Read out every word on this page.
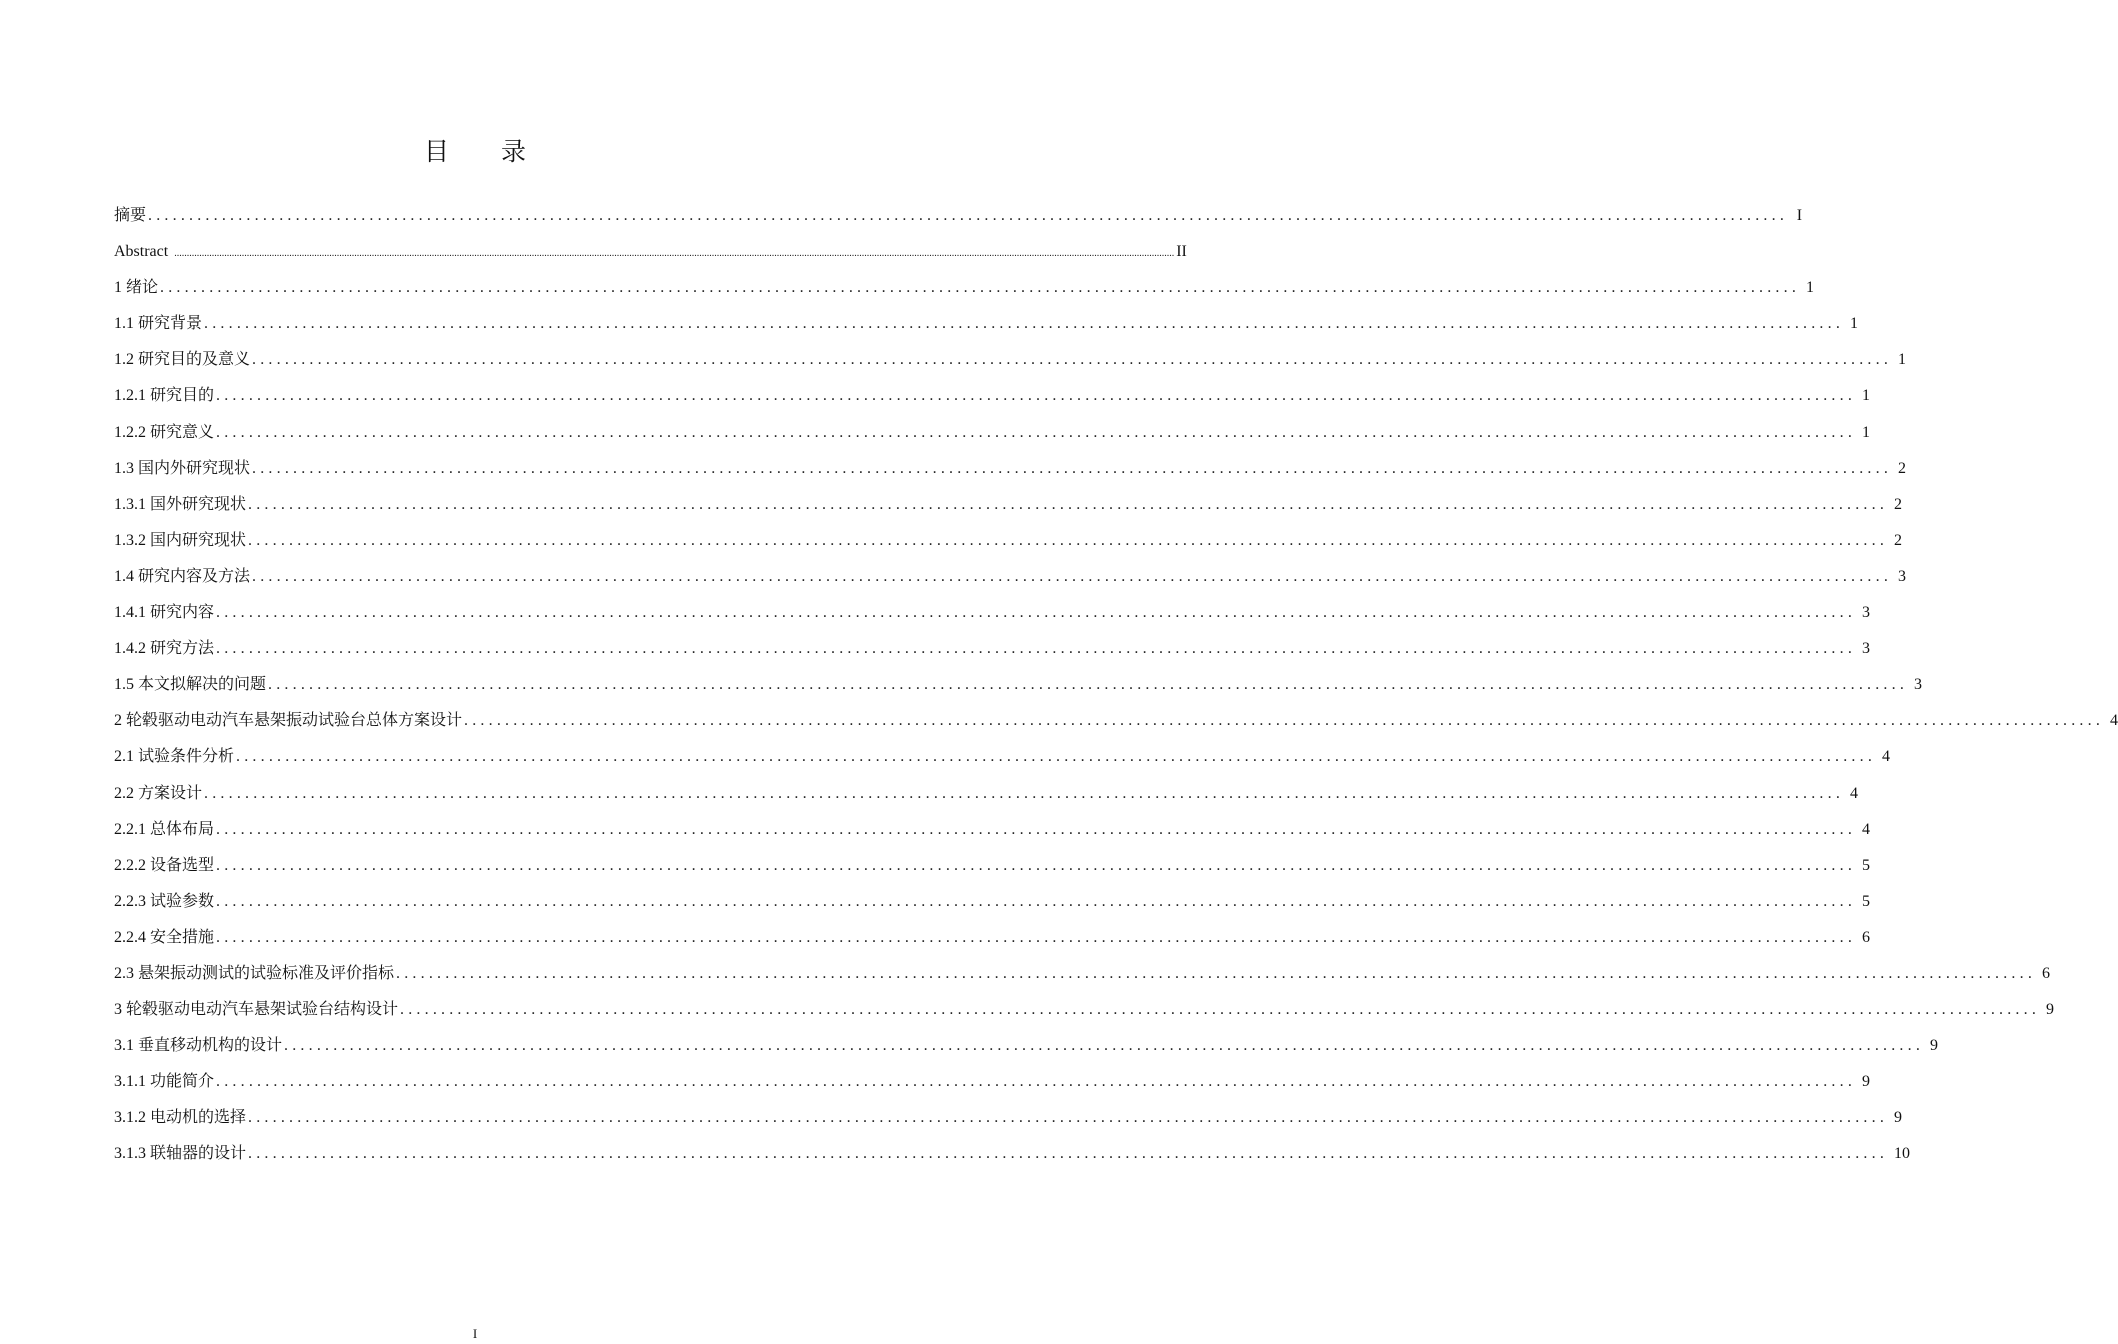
目 录
摘要 ........................................................................................................................................................................................................ I
Abstract ................................................................................................................................................................................................................................................................................................................................................................................................................ II
1 绪论 ........................................................................................................................................................................................................ 1
1.1 研究背景 ........................................................................................................................................................................................................ 1
1.2 研究目的及意义 ........................................................................................................................................................................................................ 1
1.2.1 研究目的 ........................................................................................................................................................................................................ 1
1.2.2 研究意义 ........................................................................................................................................................................................................ 1
1.3 国内外研究现状 ........................................................................................................................................................................................................ 2
1.3.1 国外研究现状 ........................................................................................................................................................................................................ 2
1.3.2 国内研究现状 ........................................................................................................................................................................................................ 2
1.4 研究内容及方法 ........................................................................................................................................................................................................ 3
1.4.1 研究内容 ........................................................................................................................................................................................................ 3
1.4.2 研究方法 ........................................................................................................................................................................................................ 3
1.5 本文拟解决的问题 ........................................................................................................................................................................................................ 3
2 轮毂驱动电动汽车悬架振动试验台总体方案设计 ........................................................................................................................................................................................................ 4
2.1 试验条件分析 ........................................................................................................................................................................................................ 4
2.2 方案设计 ........................................................................................................................................................................................................ 4
2.2.1 总体布局 ........................................................................................................................................................................................................ 4
2.2.2 设备选型 ........................................................................................................................................................................................................ 5
2.2.3 试验参数 ........................................................................................................................................................................................................ 5
2.2.4 安全措施 ........................................................................................................................................................................................................ 6
2.3 悬架振动测试的试验标准及评价指标 ........................................................................................................................................................................................................ 6
3 轮毂驱动电动汽车悬架试验台结构设计 ........................................................................................................................................................................................................ 9
3.1 垂直移动机构的设计 ........................................................................................................................................................................................................ 9
3.1.1 功能简介 ........................................................................................................................................................................................................ 9
3.1.2 电动机的选择 ........................................................................................................................................................................................................ 9
3.1.3 联轴器的设计 ........................................................................................................................................................................................................ 10
I
